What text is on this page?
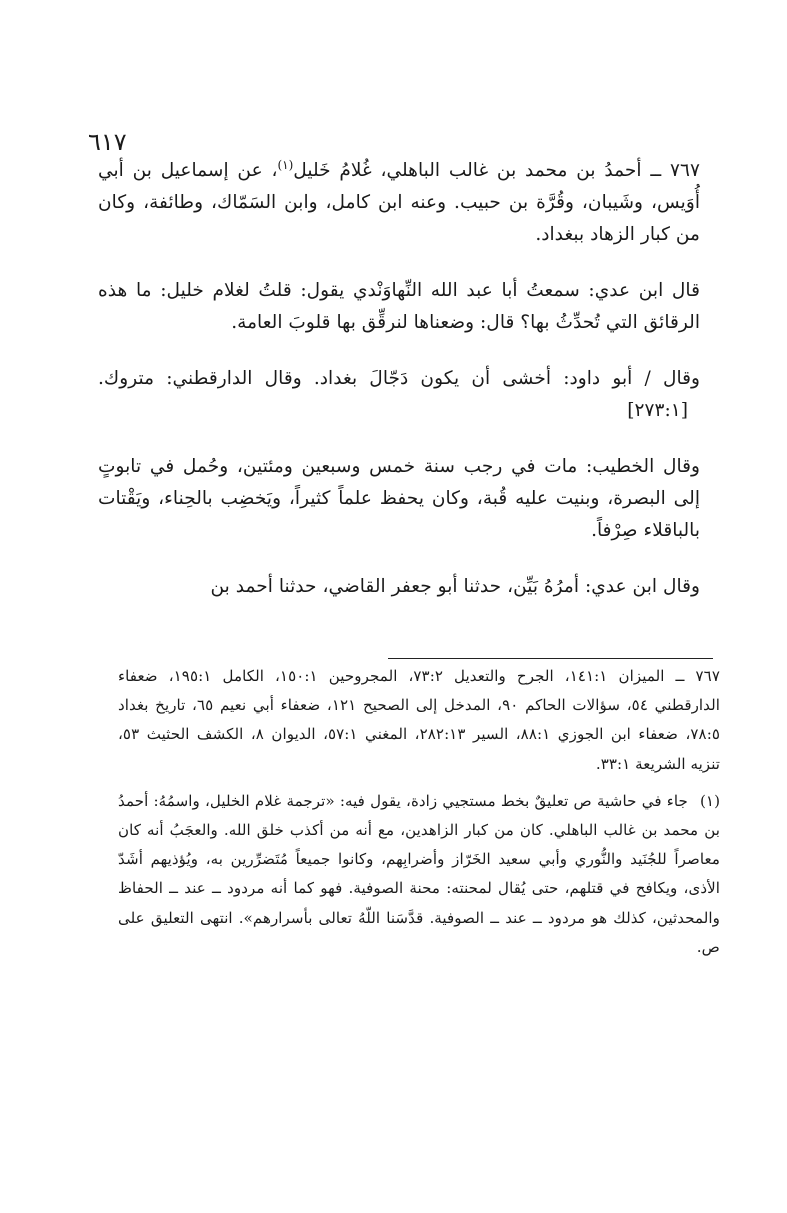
٦١٧

٧٦٧ ــ أحمدُ بن محمد بن غالب الباهلي، غُلامُ خَليل$^{(١)}$، عن إسماعيل بن أبي أُوَيس، وشَيبان، وقُرَّة بن حبيب. وعنه ابن كامل، وابن السَمّاك، وطائفة، وكان من كبار الزهاد ببغداد.

قال ابن عدي: سمعتُ أبا عبد الله النِّهاوَنْدي يقول: قلتُ لغلام خليل: ما هذه الرقائق التي تُحدِّثُ بها؟ قال: وضعناها لنرقِّق بها قلوبَ العامة.

وقال / أبو داود: أخشى أن يكون دَجّالَ بغداد. وقال الدارقطني: متروك. [٢٧٣:١]

وقال الخطيب: مات في رجب سنة خمس وسبعين ومئتين، وحُمل في تابوتٍ إلى البصرة، وبنيت عليه قُبة، وكان يحفظ علماً كثيراً، ويَخضِب بالحِناء، ويَقْتات بالباقلاء صِرْفاً.

وقال ابن عدي: أمرُهُ بَيِّن، حدثنا أبو جعفر القاضي، حدثنا أحمد بن

٧٦٧ ــ الميزان ١٤١:١، الجرح والتعديل ٧٣:٢، المجروحين ١٥٠:١، الكامل ١٩٥:١، ضعفاء الدارقطني ٥٤، سؤالات الحاكم ٩٠، المدخل إلى الصحيح ١٢١، ضعفاء أبي نعيم ٦٥، تاريخ بغداد ٧٨:٥، ضعفاء ابن الجوزي ٨٨:١، السير ٢٨٢:١٣، المغني ٥٧:١، الديوان ٨، الكشف الحثيث ٥٣، تنزيه الشريعة ٣٣:١.

(١)جاء في حاشية ص تعليقٌ بخط مستجيي زادة، يقول فيه: «ترجمة غلام الخليل، واسمُهُ: أحمدُ بن محمد بن غالب الباهلي. كان من كبار الزاهدين، مع أنه من أكذب خلق الله. والعجَبُ أنه كان معاصراً للجُنَيد والنُّوري وأبي سعيد الخَرّاز وأضرابِهم، وكانوا جميعاً مُتَضرِّرين به، ويُؤذيهم أشَدّ الأذى، ويكافح في قتلهم، حتى يُقال لمحنته: محنة الصوفية. فهو كما أنه مردود ــ عند ــ الحفاظ والمحدثين، كذلك هو مردود ــ عند ــ الصوفية. قدَّسَنا اللّهُ تعالى بأسرارهم». انتهى التعليق على ص.
